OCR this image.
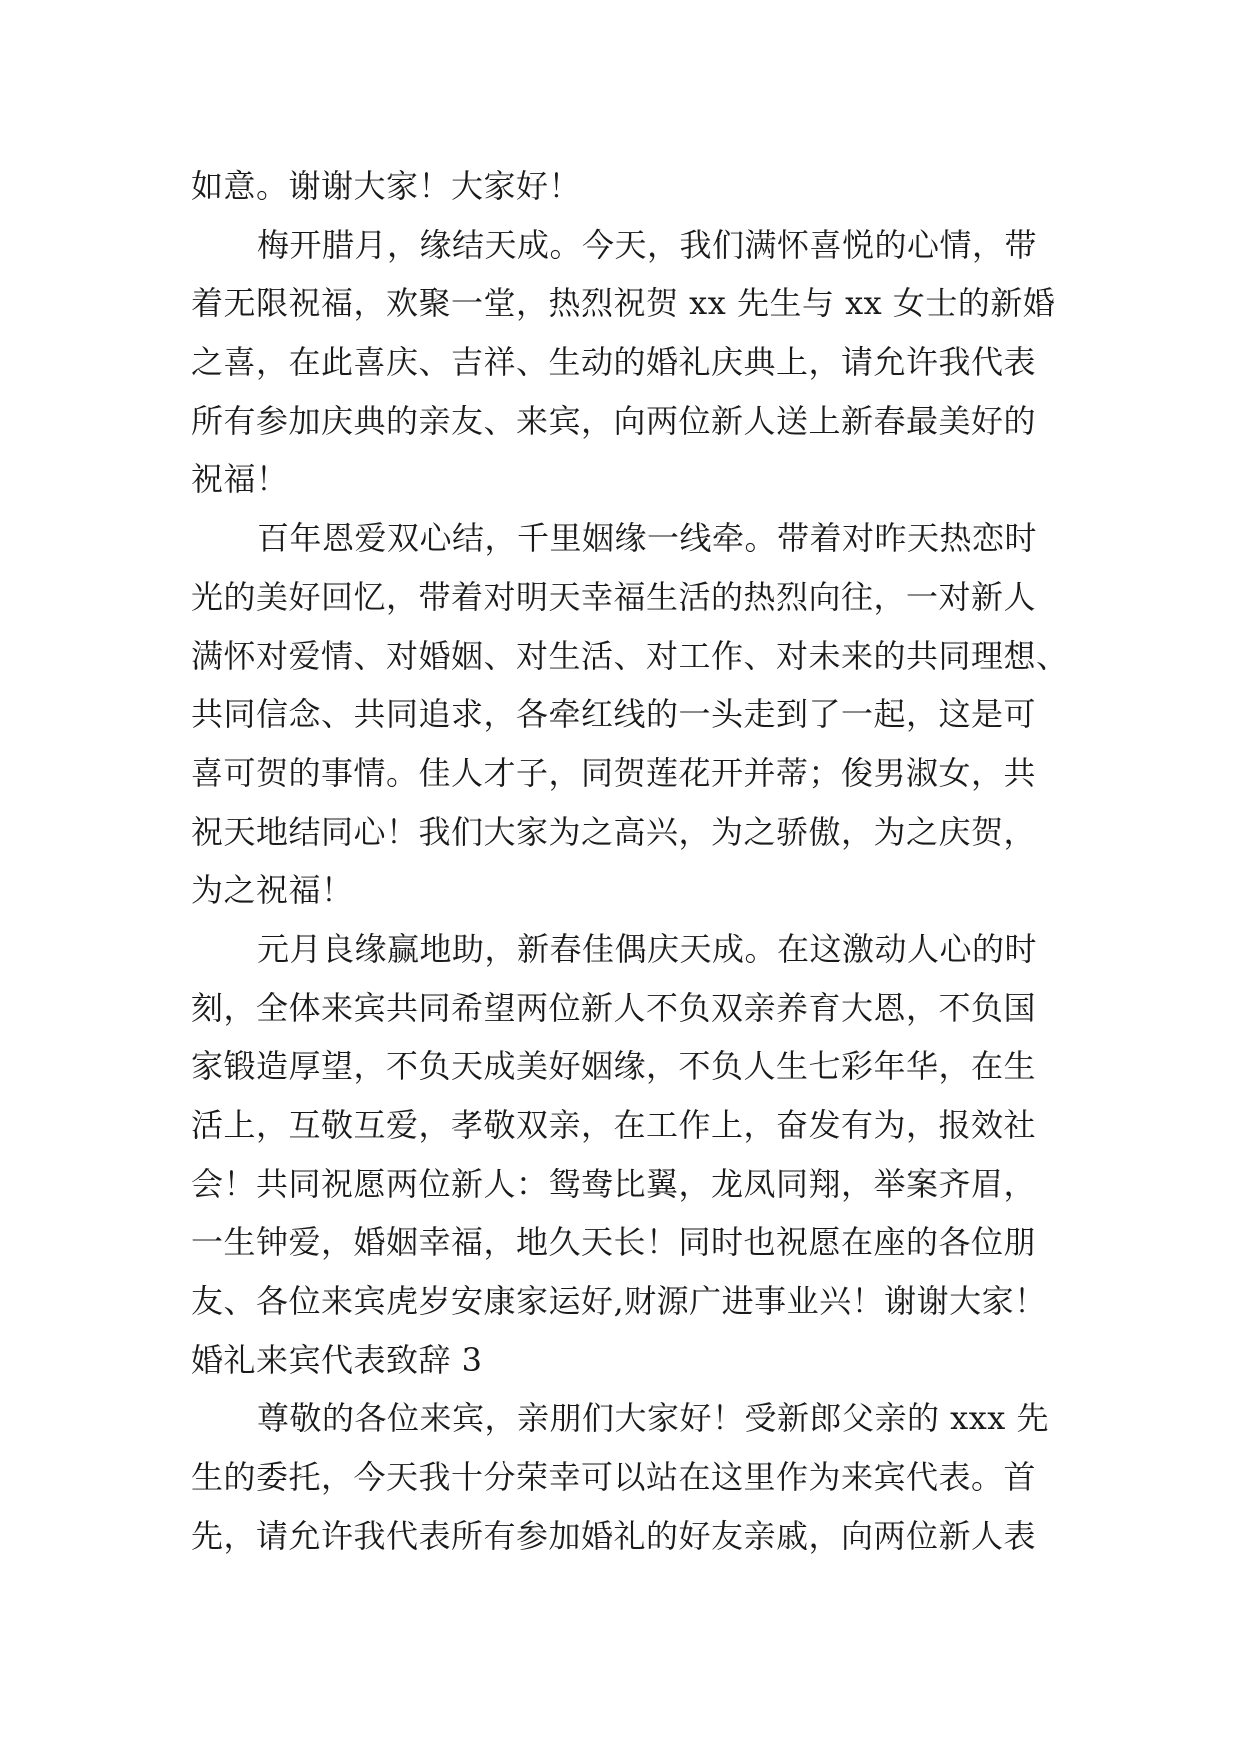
如意。谢谢大家！大家好！
梅开腊月，缘结天成。今天，我们满怀喜悦的心情，带
着无限祝福，欢聚一堂，热烈祝贺 xx 先生与 xx 女士的新婚
之喜，在此喜庆、吉祥、生动的婚礼庆典上，请允许我代表
所有参加庆典的亲友、来宾，向两位新人送上新春最美好的
祝福！
百年恩爱双心结，千里姻缘一线牵。带着对昨天热恋时
光的美好回忆，带着对明天幸福生活的热烈向往，一对新人
满怀对爱情、对婚姻、对生活、对工作、对未来的共同理想、
共同信念、共同追求，各牵红线的一头走到了一起，这是可
喜可贺的事情。佳人才子，同贺莲花开并蒂；俊男淑女，共
祝天地结同心！我们大家为之高兴，为之骄傲，为之庆贺，
为之祝福！
元月良缘赢地助，新春佳偶庆天成。在这激动人心的时
刻，全体来宾共同希望两位新人不负双亲养育大恩，不负国
家锻造厚望，不负天成美好姻缘，不负人生七彩年华，在生
活上，互敬互爱，孝敬双亲，在工作上，奋发有为，报效社
会！共同祝愿两位新人：鸳鸯比翼，龙凤同翔，举案齐眉，
一生钟爱，婚姻幸福，地久天长！同时也祝愿在座的各位朋
友、各位来宾虎岁安康家运好,财源广进事业兴！谢谢大家！
婚礼来宾代表致辞 3
尊敬的各位来宾，亲朋们大家好！受新郎父亲的 xxx 先
生的委托，今天我十分荣幸可以站在这里作为来宾代表。首
先，请允许我代表所有参加婚礼的好友亲戚，向两位新人表
